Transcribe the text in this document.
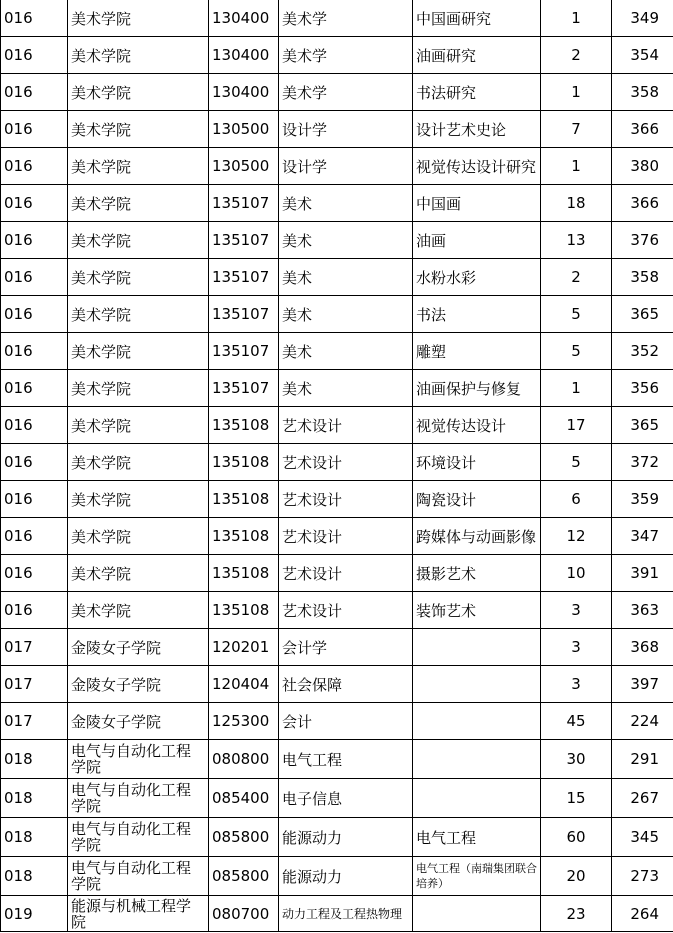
016	美术学院	130400	美术学	中国画研究	1	349
016	美术学院	130400	美术学	油画研究	2	354
016	美术学院	130400	美术学	书法研究	1	358
016	美术学院	130500	设计学	设计艺术史论	7	366
016	美术学院	130500	设计学	视觉传达设计研究	1	380
016	美术学院	135107	美术	中国画	18	366
016	美术学院	135107	美术	油画	13	376
016	美术学院	135107	美术	水粉水彩	2	358
016	美术学院	135107	美术	书法	5	365
016	美术学院	135107	美术	雕塑	5	352
016	美术学院	135107	美术	油画保护与修复	1	356
016	美术学院	135108	艺术设计	视觉传达设计	17	365
016	美术学院	135108	艺术设计	环境设计	5	372
016	美术学院	135108	艺术设计	陶瓷设计	6	359
016	美术学院	135108	艺术设计	跨媒体与动画影像	12	347
016	美术学院	135108	艺术设计	摄影艺术	10	391
016	美术学院	135108	艺术设计	装饰艺术	3	363
017	金陵女子学院	120201	会计学		3	368
017	金陵女子学院	120404	社会保障		3	397
017	金陵女子学院	125300	会计		45	224
018	电气与自动化工程学院	080800	电气工程		30	291
018	电气与自动化工程学院	085400	电子信息		15	267
018	电气与自动化工程学院	085800	能源动力	电气工程	60	345
018	电气与自动化工程学院	085800	能源动力	电气工程（南瑞集团联合培养）	20	273
019	能源与机械工程学院	080700	动力工程及工程热物理		23	264
